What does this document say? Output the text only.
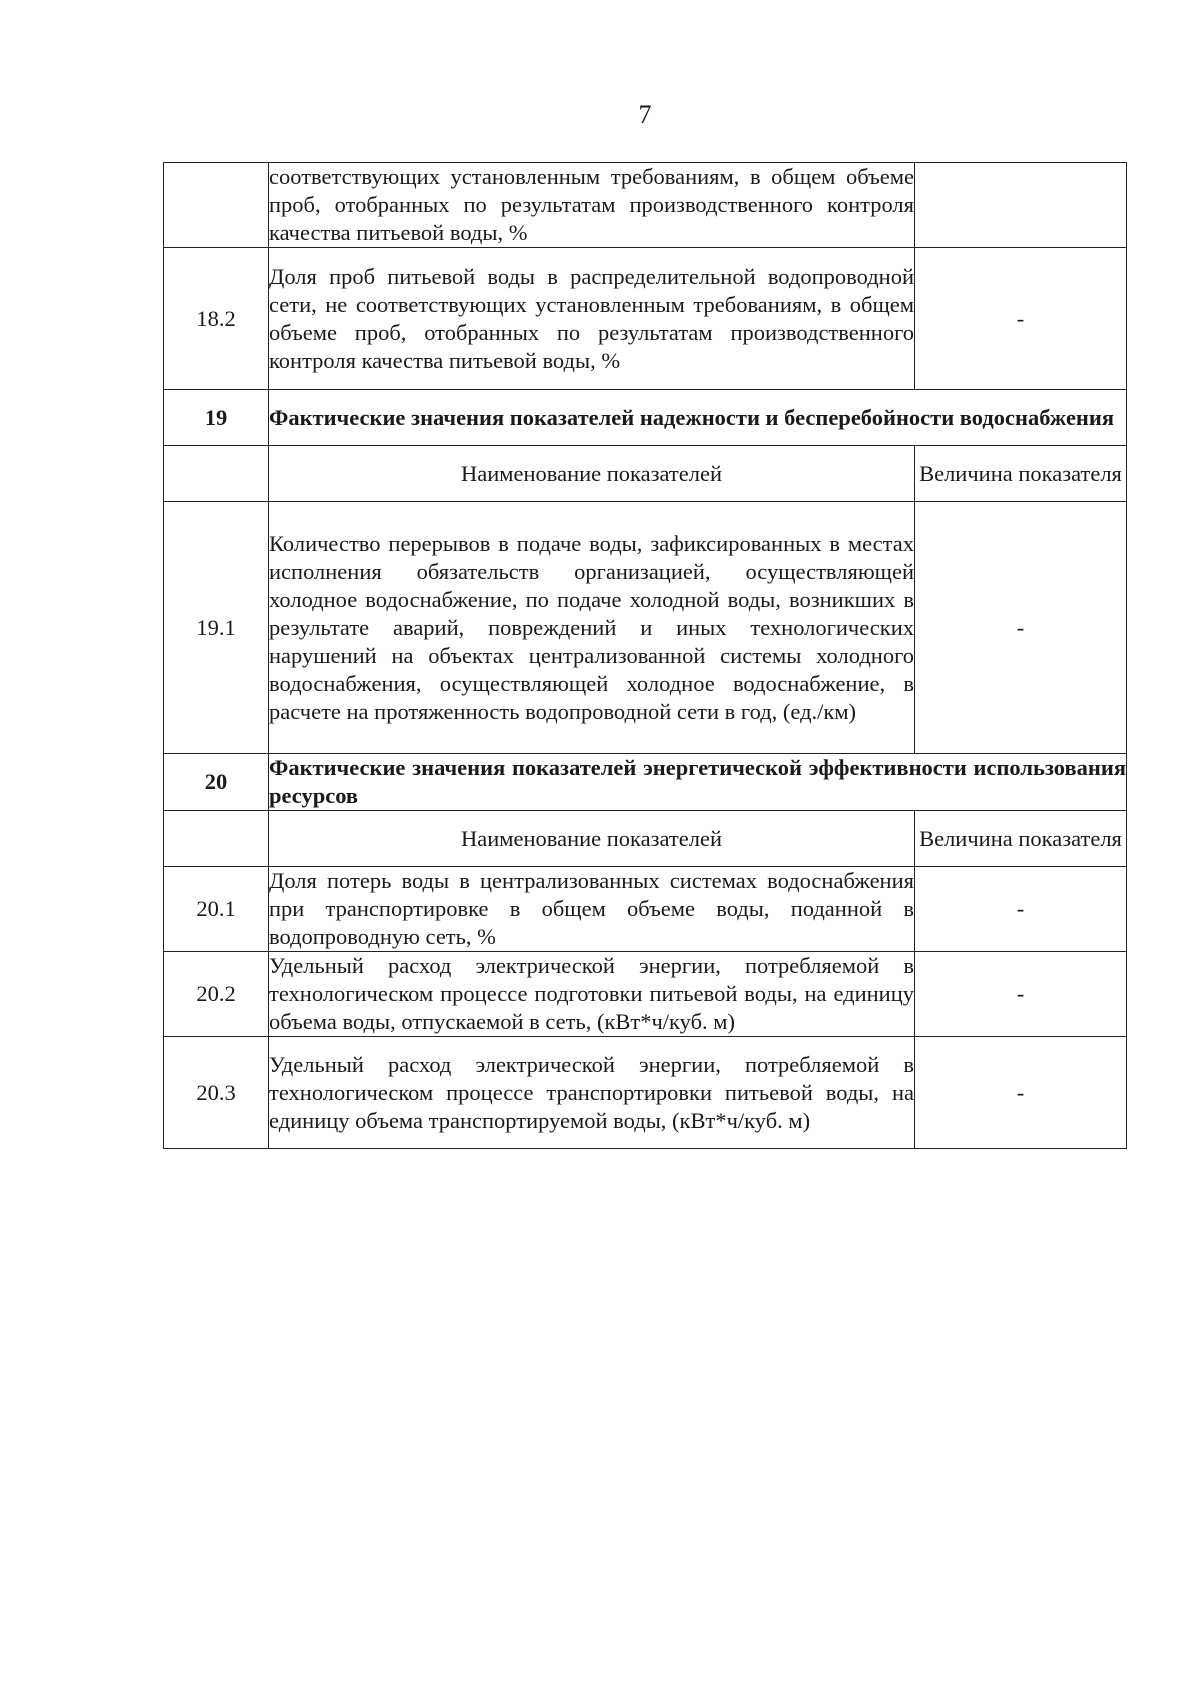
7
	соответствующих установленным требованиям, в общем объеме проб, отобранных по результатам производственного контроля качества питьевой воды, %	
18.2	Доля проб питьевой воды в распределительной водопроводной сети, не соответствующих установленным требованиям, в общем объеме проб, отобранных по результатам производственного контроля качества питьевой воды, %	-
19	Фактические значения показателей надежности и бесперебойности водоснабжения	
	Наименование показателей	Величина показателя
19.1	Количество перерывов в подаче воды, зафиксированных в местах исполнения обязательств организацией, осуществляющей холодное водоснабжение, по подаче холодной воды, возникших в результате аварий, повреждений и иных технологических нарушений на объектах централизованной системы холодного водоснабжения, осуществляющей холодное водоснабжение, в расчете на протяженность водопроводной сети в год, (ед./км)	-
20	Фактические значения показателей энергетической эффективности использования ресурсов	
	Наименование показателей	Величина показателя
20.1	Доля потерь воды в централизованных системах водоснабжения при транспортировке в общем объеме воды, поданной в водопроводную сеть, %	-
20.2	Удельный расход электрической энергии, потребляемой в технологическом процессе подготовки питьевой воды, на единицу объема воды, отпускаемой в сеть, (кВт*ч/куб. м)	-
20.3	Удельный расход электрической энергии, потребляемой в технологическом процессе транспортировки питьевой воды, на единицу объема транспортируемой воды, (кВт*ч/куб. м)	-
